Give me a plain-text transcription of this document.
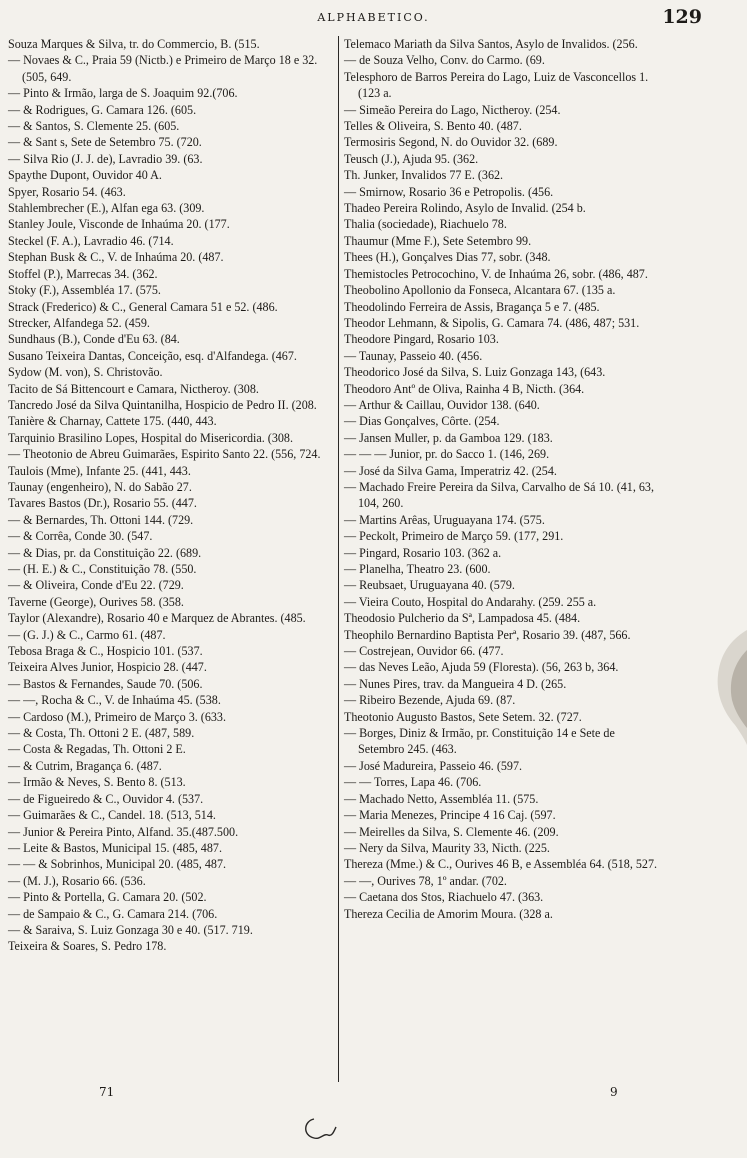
ALPHABETICO.	129

Souza Marques & Silva, tr. do Commercio, B. (515.

— Novaes & C., Praia 59 (Nictb.) e Primeiro de Março 18 e 32. (505, 649.

— Pinto & Irmão, larga de S. Joaquim 92.(706.

— & Rodrigues, G. Camara 126. (605.

— & Santos, S. Clemente 25. (605.

— & Sant s, Sete de Setembro 75. (720.

— Silva Rio (J. J. de), Lavradio 39. (63.

Spaythe Dupont, Ouvidor 40 A.

Spyer, Rosario 54. (463.

Stahlembrecher (E.), Alfan ega 63. (309.

Stanley Joule, Visconde de Inhaúma 20. (177.

Steckel (F. A.), Lavradio 46. (714.

Stephan Busk & C., V. de Inhaúma 20. (487.

Stoffel (P.), Marrecas 34. (362.

Stoky (F.), Assembléa 17. (575.

Strack (Frederico) & C., General Camara 51 e 52. (486.

Strecker, Alfandega 52. (459.

Sundhaus (B.), Conde d'Eu 63. (84.

Susano Teixeira Dantas, Conceição, esq. d'Alfandega. (467.

Sydow (M. von), S. Christovão.

Tacito de Sá Bittencourt e Camara, Nictheroy. (308.

Tancredo José da Silva Quintanilha, Hospicio de Pedro II. (208.

Tanière & Charnay, Cattete 175. (440, 443.

Tarquinio Brasilino Lopes, Hospital do Misericordia. (308.

— Theotonio de Abreu Guimarães, Espirito Santo 22. (556, 724.

Taulois (Mme), Infante 25. (441, 443.

Taunay (engenheiro), N. do Sabão 27.

Tavares Bastos (Dr.), Rosario 55. (447.

— & Bernardes, Th. Ottoni 144. (729.

— & Corrêa, Conde 30. (547.

— & Dias, pr. da Constituição 22. (689.

— (H. E.) & C., Constituição 78. (550.

— & Oliveira, Conde d'Eu 22. (729.

Taverne (George), Ourives 58. (358.

Taylor (Alexandre), Rosario 40 e Marquez de Abrantes. (485.

— (G. J.) & C., Carmo 61. (487.

Tebosa Braga & C., Hospicio 101. (537.

Teixeira Alves Junior, Hospicio 28. (447.

— Bastos & Fernandes, Saude 70. (506.

— —, Rocha & C., V. de Inhaúma 45. (538.

— Cardoso (M.), Primeiro de Março 3. (633.

— & Costa, Th. Ottoni 2 E. (487, 589.

— Costa & Regadas, Th. Ottoni 2 E.

— & Cutrim, Bragança 6. (487.

— Irmão & Neves, S. Bento 8. (513.

— de Figueiredo & C., Ouvidor 4. (537.

— Guimarães & C., Candel. 18. (513, 514.

— Junior & Pereira Pinto, Alfand. 35.(487.500.

— Leite & Bastos, Municipal 15. (485, 487.

— — & Sobrinhos, Municipal 20. (485, 487.

— (M. J.), Rosario 66. (536.

— Pinto & Portella, G. Camara 20. (502.

— de Sampaio & C., G. Camara 214. (706.

— & Saraiva, S. Luiz Gonzaga 30 e 40. (517. 719.

Teixeira & Soares, S. Pedro 178.

Telemaco Mariath da Silva Santos, Asylo de Invalidos. (256.

— de Souza Velho, Conv. do Carmo. (69.

Telesphoro de Barros Pereira do Lago, Luiz de Vasconcellos 1. (123 a.

— Simeão Pereira do Lago, Nictheroy. (254.

Telles & Oliveira, S. Bento 40. (487.

Termosiris Segond, N. do Ouvidor 32. (689.

Teusch (J.), Ajuda 95. (362.

Th. Junker, Invalidos 77 E. (362.

— Smirnow, Rosario 36 e Petropolis. (456.

Thadeo Pereira Rolindo, Asylo de Invalid. (254 b.

Thalia (sociedade), Riachuelo 78.

Thaumur (Mme F.), Sete Setembro 99.

Thees (H.), Gonçalves Dias 77, sobr. (348.

Themistocles Petrocochino, V. de Inhaúma 26, sobr. (486, 487.

Theobolino Apollonio da Fonseca, Alcantara 67. (135 a.

Theodolindo Ferreira de Assis, Bragança 5 e 7. (485.

Theodor Lehmann, & Sipolis, G. Camara 74. (486, 487; 531.

Theodore Pingard, Rosario 103.

— Taunay, Passeio 40. (456.

Theodorico José da Silva, S. Luiz Gonzaga 143, (643.

Theodoro Antº de Oliva, Rainha 4 B, Nicth. (364.

— Arthur & Caillau, Ouvidor 138. (640.

— Dias Gonçalves, Côrte. (254.

— Jansen Muller, p. da Gamboa 129. (183.

— — — Junior, pr. do Sacco 1. (146, 269.

— José da Silva Gama, Imperatriz 42. (254.

— Machado Freire Pereira da Silva, Carvalho de Sá 10. (41, 63, 104, 260.

— Martins Arêas, Uruguayana 174. (575.

— Peckolt, Primeiro de Março 59. (177, 291.

— Pingard, Rosario 103. (362 a.

— Planelha, Theatro 23. (600.

— Reubsaet, Uruguayana 40. (579.

— Vieira Couto, Hospital do Andarahy. (259. 255 a.

Theodosio Pulcherio da Sª, Lampadosa 45. (484.

Theophilo Bernardino Baptista Perª, Rosario 39. (487, 566.

— Costrejean, Ouvidor 66. (477.

— das Neves Leão, Ajuda 59 (Floresta). (56, 263 b, 364.

— Nunes Pires, trav. da Mangueira 4 D. (265.

— Ribeiro Bezende, Ajuda 69. (87.

Theotonio Augusto Bastos, Sete Setem. 32. (727.

— Borges, Diniz & Irmão, pr. Constituição 14 e Sete de Setembro 245. (463.

— José Madureira, Passeio 46. (597.

— — Torres, Lapa 46. (706.

— Machado Netto, Assembléa 11. (575.

— Maria Menezes, Principe 4 16 Caj. (597.

— Meirelles da Silva, S. Clemente 46. (209.

— Nery da Silva, Maurity 33, Nicth. (225.

Thereza (Mme.) & C., Ourives 46 B, e Assembléa 64. (518, 527.

— —, Ourives 78, 1º andar. (702.

— Caetana dos Stos, Riachuelo 47. (363.

Thereza Cecilia de Amorim Moura. (328 a.

71	9
